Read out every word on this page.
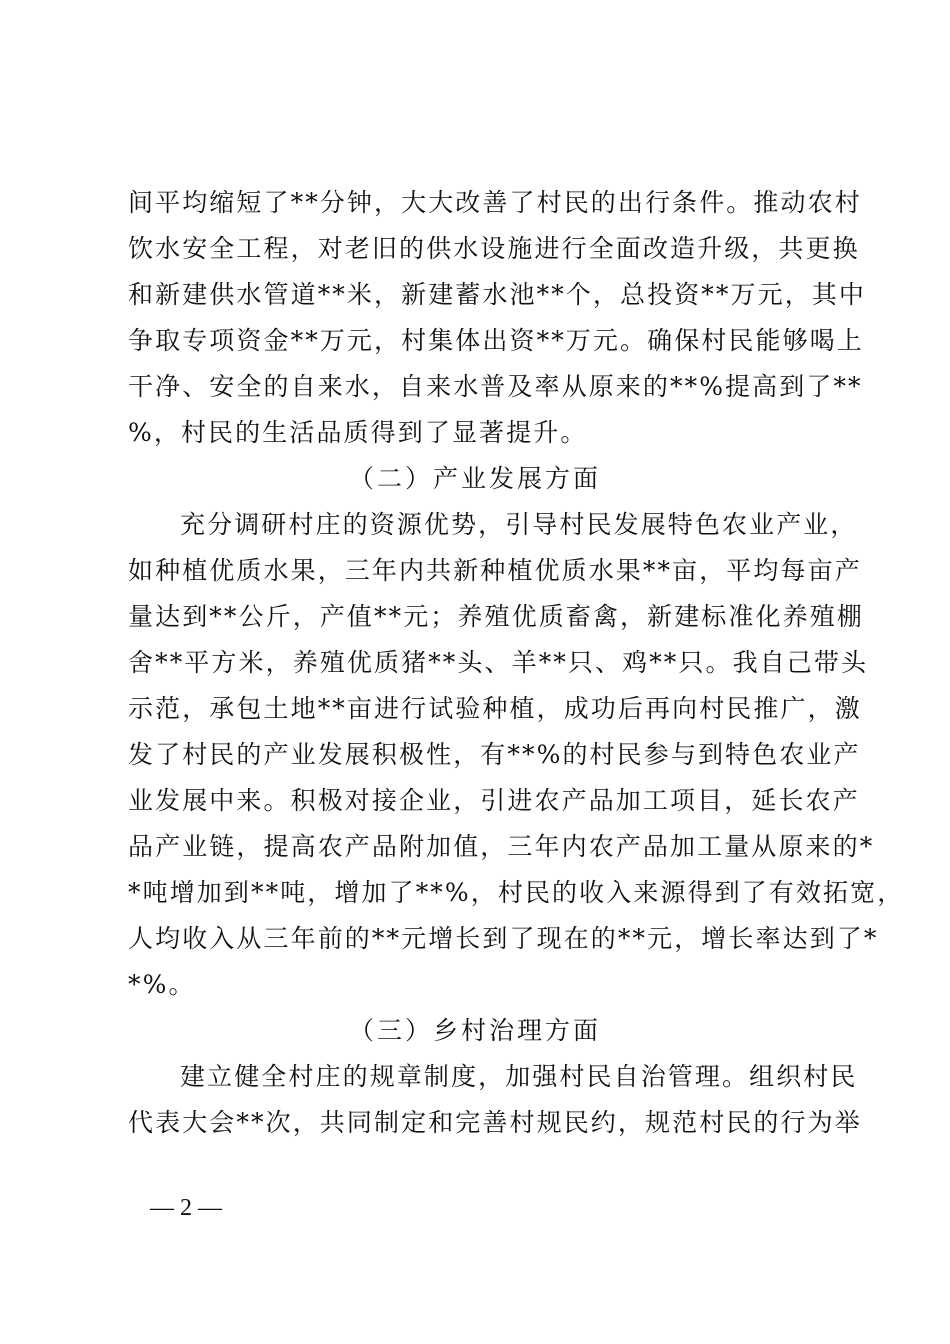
间平均缩短了**分钟，大大改善了村民的出行条件。推动农村
饮水安全工程，对老旧的供水设施进行全面改造升级，共更换
和新建供水管道**米，新建蓄水池**个，总投资**万元，其中
争取专项资金**万元，村集体出资**万元。确保村民能够喝上
干净、安全的自来水，自来水普及率从原来的**%提高到了**
%，村民的生活品质得到了显著提升。
（二）产业发展方面
充分调研村庄的资源优势，引导村民发展特色农业产业，
如种植优质水果，三年内共新种植优质水果**亩，平均每亩产
量达到**公斤，产值**元；养殖优质畜禽，新建标准化养殖棚
舍**平方米，养殖优质猪**头、羊**只、鸡**只。我自己带头
示范，承包土地**亩进行试验种植，成功后再向村民推广，激
发了村民的产业发展积极性，有**%的村民参与到特色农业产
业发展中来。积极对接企业，引进农产品加工项目，延长农产
品产业链，提高农产品附加值，三年内农产品加工量从原来的*
*吨增加到**吨，增加了**%，村民的收入来源得到了有效拓宽，
人均收入从三年前的**元增长到了现在的**元，增长率达到了*
*%。
（三）乡村治理方面
建立健全村庄的规章制度，加强村民自治管理。组织村民
代表大会**次，共同制定和完善村规民约，规范村民的行为举
— 2 —
